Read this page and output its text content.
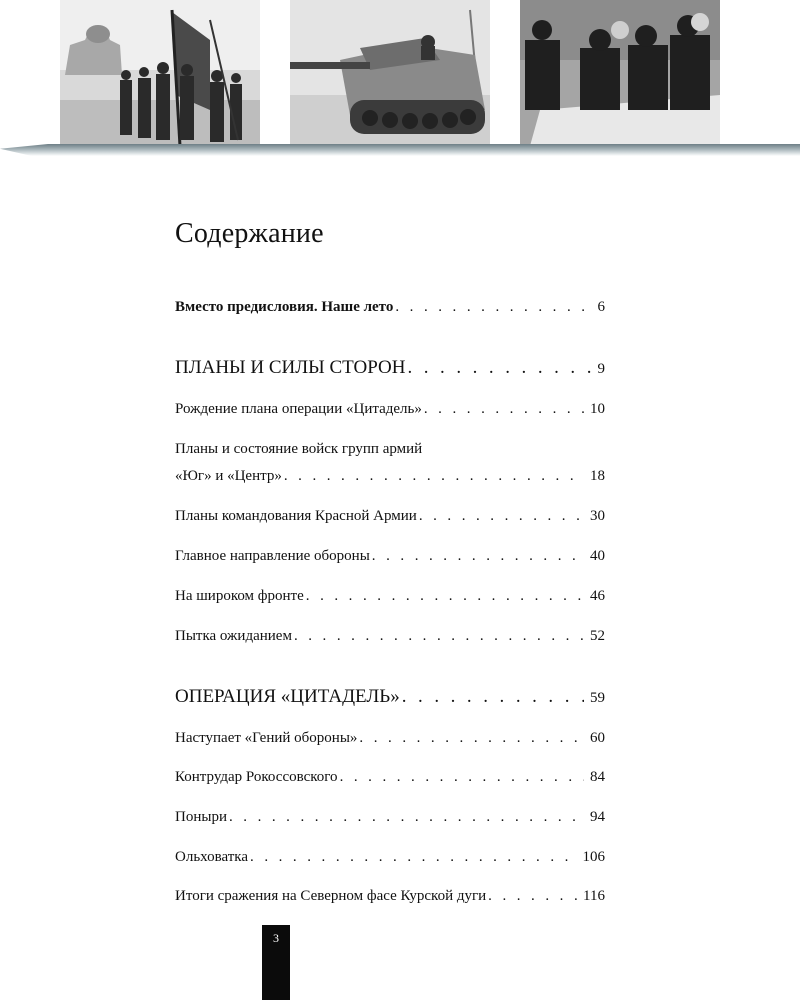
Содержание
Вместо предисловия. Наше лето . . .	6
ПЛАНЫ И СИЛЫ СТОРОН . . .	9
Рождение плана операции «Цитадель» . . .	10
Планы и состояние войск групп армий
«Юг» и «Центр» . . .	18
Планы командования Красной Армии . . .	30
Главное направление обороны . . .	40
На широком фронте . . .	46
Пытка ожиданием . . .	52
ОПЕРАЦИЯ «ЦИТАДЕЛЬ» . . .	59
Наступает «Гений обороны» . . .	60
Контрудар Рокоссовского . . .	84
Поныри . . .	94
Ольховатка . . .	106
Итоги сражения на Северном фасе Курской дуги . . .	116
3
